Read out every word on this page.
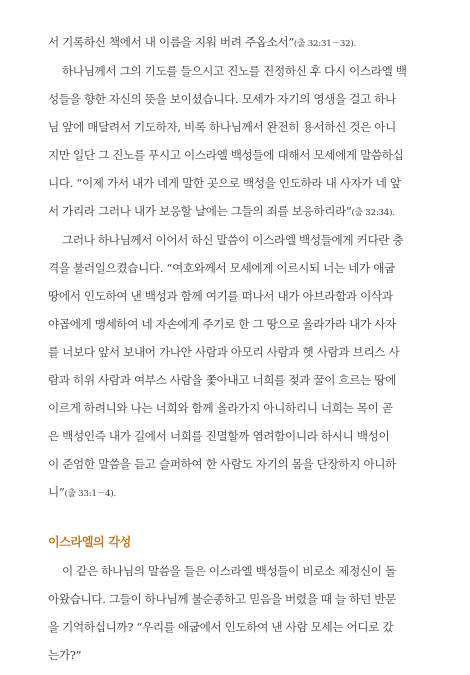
서 기록하신 책에서 내 이름을 지워 버려 주옵소서”(출 32:31－32).
하나님께서 그의 기도를 들으시고 진노를 진정하신 후 다시 이스라엘 백
성들을 향한 자신의 뜻을 보이셨습니다. 모세가 자기의 영생을 걸고 하나
님 앞에 매달려서 기도하자, 비록 하나님께서 완전히 용서하신 것은 아니
지만 일단 그 진노를 푸시고 이스라엘 백성들에 대해서 모세에게 말씀하십
니다. “이제 가서 내가 네게 말한 곳으로 백성을 인도하라 내 사자가 네 앞
서 가리라 그러나 내가 보응할 날에는 그들의 죄를 보응하리라”(출 32:34).
그러나 하나님께서 이어서 하신 말씀이 이스라엘 백성들에게 커다란 충
격을 불러일으켰습니다. “여호와께서 모세에게 이르시되 너는 네가 애굽
땅에서 인도하여 낸 백성과 함께 여기를 떠나서 내가 아브라함과 이삭과
야곱에게 맹세하여 네 자손에게 주기로 한 그 땅으로 올라가라 내가 사자
를 너보다 앞서 보내어 가나안 사람과 아모리 사람과 헷 사람과 브리스 사
람과 히위 사람과 여부스 사람을 쫓아내고 너희를 젖과 꿀이 흐르는 땅에
이르게 하려니와 나는 너희와 함께 올라가지 아니하리니 너희는 목이 곧
은 백성인즉 내가 길에서 너희를 진멸할까 염려함이니라 하시니 백성이
이 준엄한 말씀을 듣고 슬퍼하여 한 사람도 자기의 몸을 단장하지 아니하
이스라엘의 각성
이 같은 하나님의 말씀을 들은 이스라엘 백성들이 비로소 제정신이 돌
아왔습니다. 그들이 하나님께 불순종하고 믿음을 버렸을 때 늘 하던 반문
을 기억하십니까? “우리를 애굽에서 인도하여 낸 사람 모세는 어디로 갔
는가?”
니”(출 33:1－4).
